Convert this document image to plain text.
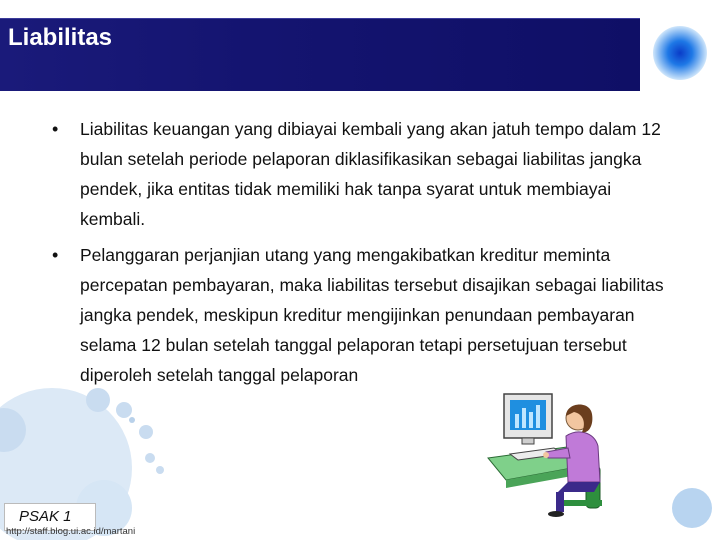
Liabilitas
• Liabilitas keuangan yang dibiayai kembali yang akan jatuh tempo dalam 12 bulan setelah periode pelaporan diklasifikasikan sebagai liabilitas jangka pendek, jika entitas tidak memiliki hak tanpa syarat untuk membiayai kembali.
• Pelanggaran perjanjian utang yang mengakibatkan kreditur meminta percepatan pembayaran, maka liabilitas tersebut disajikan sebagai liabilitas jangka pendek, meskipun kreditur mengijinkan penundaan pembayaran selama 12 bulan setelah tanggal pelaporan tetapi persetujuan tersebut diperoleh setelah tanggal pelaporan
PSAK 1
http://staff.blog.ui.ac.id/martani
